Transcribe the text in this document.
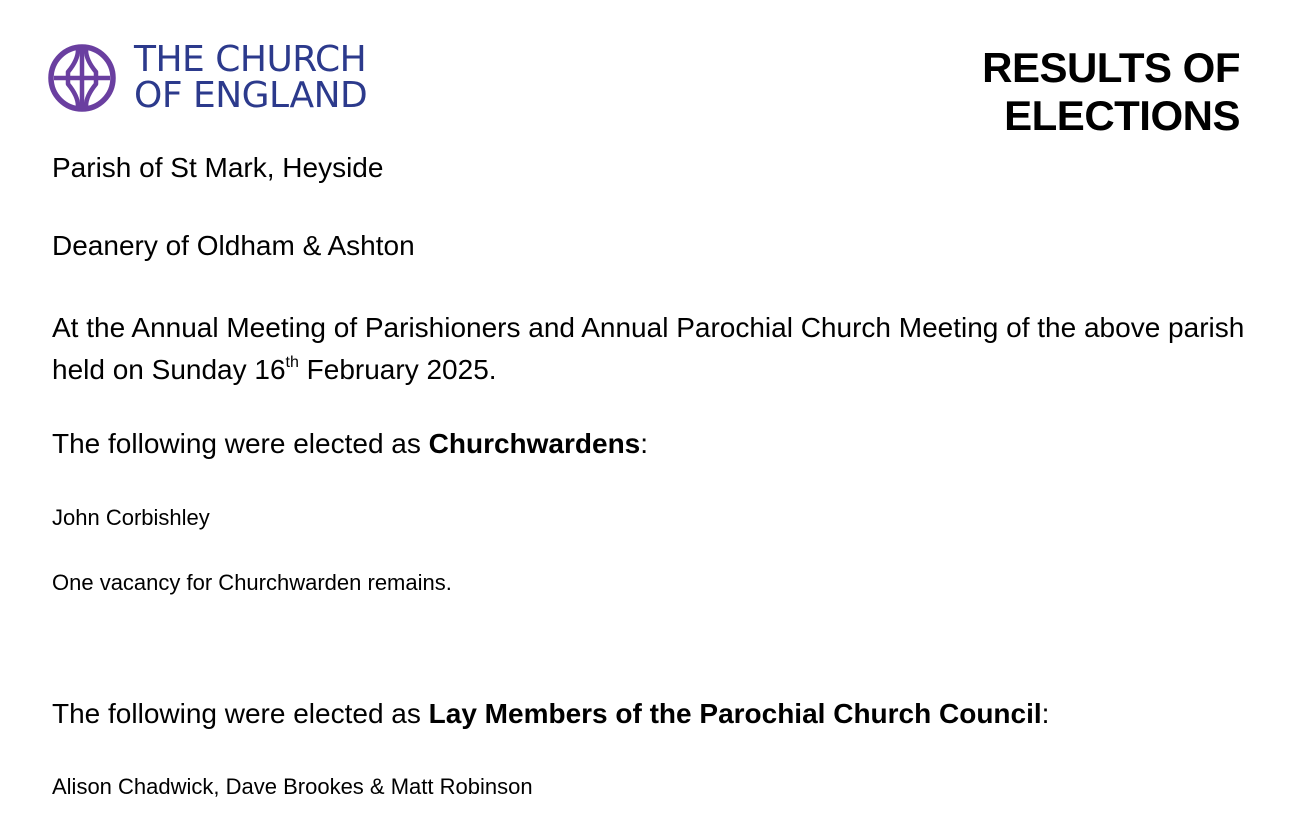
THE CHURCH
OF ENGLAND
RESULTS OF ELECTIONS
Parish of St Mark, Heyside
Deanery of Oldham & Ashton
At the Annual Meeting of Parishioners and Annual Parochial Church Meeting of the above parish held on Sunday 16th February 2025.
The following were elected as Churchwardens:
John Corbishley
One vacancy for Churchwarden remains.
The following were elected as Lay Members of the Parochial Church Council:
Alison Chadwick, Dave Brookes & Matt Robinson
